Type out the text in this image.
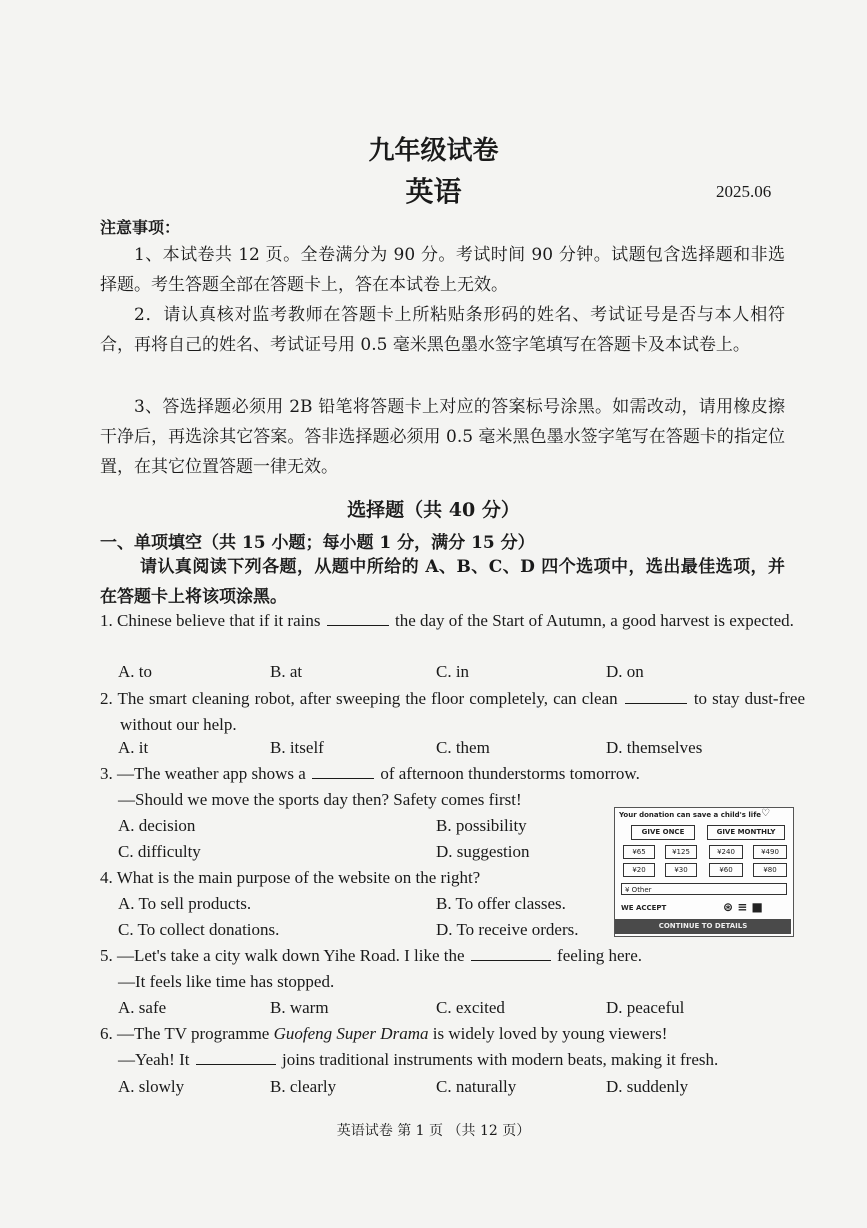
九年级试卷
英语	2025.06
注意事项：
1、本试卷共 12 页。全卷满分为 90 分。考试时间 90 分钟。试题包含选择题和非选择题。考生答题全部在答题卡上，答在本试卷上无效。
2．请认真核对监考教师在答题卡上所粘贴条形码的姓名、考试证号是否与本人相符合，再将自己的姓名、考试证号用 0.5 毫米黑色墨水签字笔填写在答题卡及本试卷上。
3、答选择题必须用 2B 铅笔将答题卡上对应的答案标号涂黑。如需改动，请用橡皮擦干净后，再选涂其它答案。答非选择题必须用 0.5 毫米黑色墨水签字笔写在答题卡的指定位置，在其它位置答题一律无效。
选择题（共 40 分）
一、单项填空（共 15 小题；每小题 1 分，满分 15 分）
请认真阅读下列各题，从题中所给的 A、B、C、D 四个选项中，选出最佳选项，并在答题卡上将该项涂黑。
1. Chinese believe that if it rains	the day of the Start of Autumn, a good harvest is expected.
A. to	B. at	C. in	D. on
2. The smart cleaning robot, after sweeping the floor completely, can clean	to stay dust-free without our help.
A. it	B. itself	C. them	D. themselves
3. —The weather app shows a	of afternoon thunderstorms tomorrow.
—Should we move the sports day then? Safety comes first!
A. decision	B. possibility
C. difficulty	D. suggestion
4. What is the main purpose of the website on the right?
A. To sell products.	B. To offer classes.
C. To collect donations.	D. To receive orders.
Your donation can save a child's life ♡
GIVE ONCE	GIVE MONTHLY
¥65	¥125	¥240	¥490
¥20	¥30	¥60	¥80
¥ Other
WE ACCEPT	⊛ ≡ ■
CONTINUE TO DETAILS
5. —Let's take a city walk down Yihe Road. I like the	feeling here.
—It feels like time has stopped.
A. safe	B. warm	C. excited	D. peaceful
6. —The TV programme Guofeng Super Drama is widely loved by young viewers!
—Yeah! It	joins traditional instruments with modern beats, making it fresh.
A. slowly	B. clearly	C. naturally	D. suddenly
英语试卷 第 1 页 （共 12 页）
